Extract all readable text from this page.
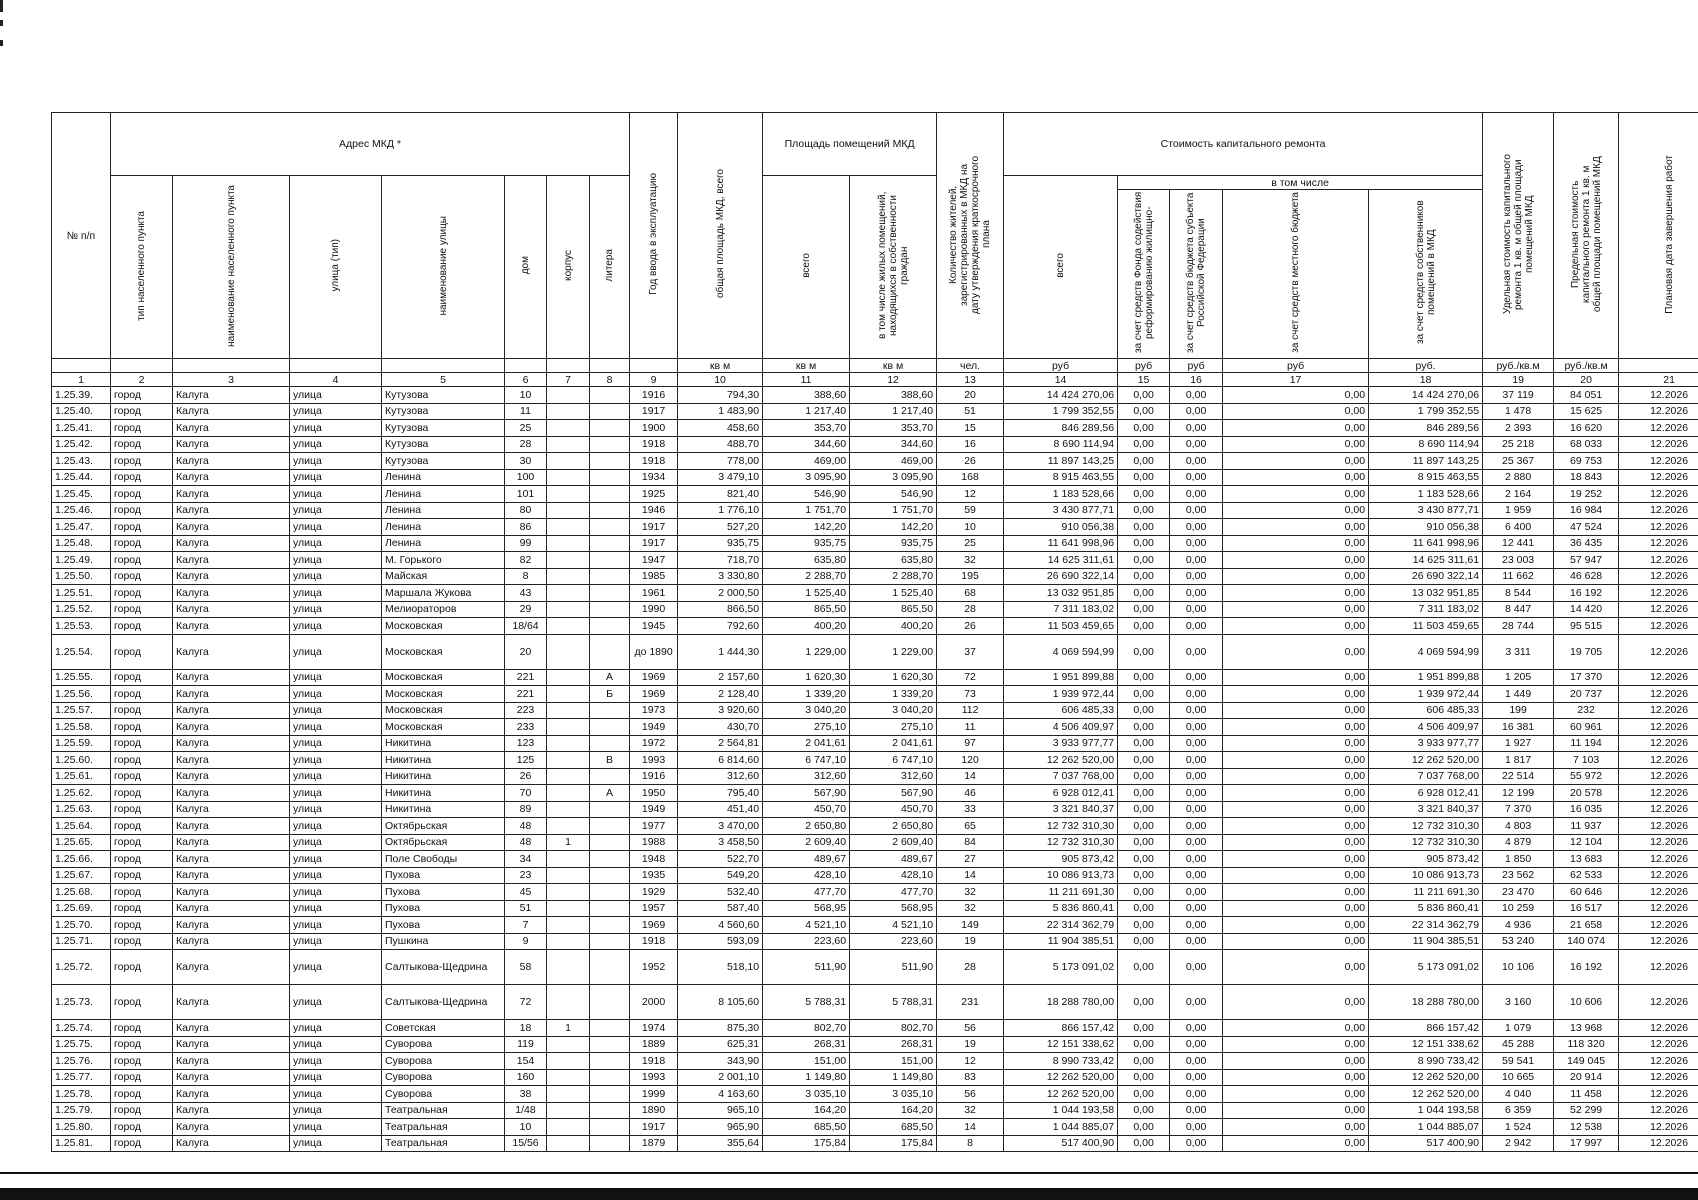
№ п/п	Адрес МКД *							Год ввода в эксплуатацию	общая площадь МКД, всего	Площадь помещений МКД		Количество жителей, зарегистрированных в МКД на дату утверждения краткосрочного плана	Стоимость капитального ремонта					Удельная стоимость капитального ремонта 1 кв. м общей площади помещений МКД	Предельная стоимость капитального ремонта 1 кв. м общей площади помещений МКД	Плановая дата завершения работ
	тип населенного пункта	наименование населенного пункта	улица (тип)	наименование улицы	дом	корпус	литера			всего	в том числе жилых помещений, находящихся в собственности граждан		всего	в том числе						
														за счет средств Фонда содействия реформированию жилищно-	за счет средств бюджета субъекта Российской Федерации	за счет средств местного бюджета	за счет средств собственников помещений в МКД			
									кв м	кв м	кв м	чел.	руб	руб	руб	руб	руб.	руб./кв.м	руб./кв.м	
1	2	3	4	5	6	7	8	9	10	11	12	13	14	15	16	17	18	19	20	21
1.25.39.	город	Калуга	улица	Кутузова	10			1916	794,30	388,60	388,60	20	14 424 270,06	0,00	0,00	0,00	14 424 270,06	37 119	84 051	12.2026
1.25.40.	город	Калуга	улица	Кутузова	11			1917	1 483,90	1 217,40	1 217,40	51	1 799 352,55	0,00	0,00	0,00	1 799 352,55	1 478	15 625	12.2026
1.25.41.	город	Калуга	улица	Кутузова	25			1900	458,60	353,70	353,70	15	846 289,56	0,00	0,00	0,00	846 289,56	2 393	16 620	12.2026
1.25.42.	город	Калуга	улица	Кутузова	28			1918	488,70	344,60	344,60	16	8 690 114,94	0,00	0,00	0,00	8 690 114,94	25 218	68 033	12.2026
1.25.43.	город	Калуга	улица	Кутузова	30			1918	778,00	469,00	469,00	26	11 897 143,25	0,00	0,00	0,00	11 897 143,25	25 367	69 753	12.2026
1.25.44.	город	Калуга	улица	Ленина	100			1934	3 479,10	3 095,90	3 095,90	168	8 915 463,55	0,00	0,00	0,00	8 915 463,55	2 880	18 843	12.2026
1.25.45.	город	Калуга	улица	Ленина	101			1925	821,40	546,90	546,90	12	1 183 528,66	0,00	0,00	0,00	1 183 528,66	2 164	19 252	12.2026
1.25.46.	город	Калуга	улица	Ленина	80			1946	1 776,10	1 751,70	1 751,70	59	3 430 877,71	0,00	0,00	0,00	3 430 877,71	1 959	16 984	12.2026
1.25.47.	город	Калуга	улица	Ленина	86			1917	527,20	142,20	142,20	10	910 056,38	0,00	0,00	0,00	910 056,38	6 400	47 524	12.2026
1.25.48.	город	Калуга	улица	Ленина	99			1917	935,75	935,75	935,75	25	11 641 998,96	0,00	0,00	0,00	11 641 998,96	12 441	36 435	12.2026
1.25.49.	город	Калуга	улица	М. Горького	82			1947	718,70	635,80	635,80	32	14 625 311,61	0,00	0,00	0,00	14 625 311,61	23 003	57 947	12.2026
1.25.50.	город	Калуга	улица	Майская	8			1985	3 330,80	2 288,70	2 288,70	195	26 690 322,14	0,00	0,00	0,00	26 690 322,14	11 662	46 628	12.2026
1.25.51.	город	Калуга	улица	Маршала Жукова	43			1961	2 000,50	1 525,40	1 525,40	68	13 032 951,85	0,00	0,00	0,00	13 032 951,85	8 544	16 192	12.2026
1.25.52.	город	Калуга	улица	Мелиораторов	29			1990	866,50	865,50	865,50	28	7 311 183,02	0,00	0,00	0,00	7 311 183,02	8 447	14 420	12.2026
1.25.53.	город	Калуга	улица	Московская	18/64			1945	792,60	400,20	400,20	26	11 503 459,65	0,00	0,00	0,00	11 503 459,65	28 744	95 515	12.2026
1.25.54.	город	Калуга	улица	Московская	20			до 1890	1 444,30	1 229,00	1 229,00	37	4 069 594,99	0,00	0,00	0,00	4 069 594,99	3 311	19 705	12.2026
1.25.55.	город	Калуга	улица	Московская	221		А	1969	2 157,60	1 620,30	1 620,30	72	1 951 899,88	0,00	0,00	0,00	1 951 899,88	1 205	17 370	12.2026
1.25.56.	город	Калуга	улица	Московская	221		Б	1969	2 128,40	1 339,20	1 339,20	73	1 939 972,44	0,00	0,00	0,00	1 939 972,44	1 449	20 737	12.2026
1.25.57.	город	Калуга	улица	Московская	223			1973	3 920,60	3 040,20	3 040,20	112	606 485,33	0,00	0,00	0,00	606 485,33	199	232	12.2026
1.25.58.	город	Калуга	улица	Московская	233			1949	430,70	275,10	275,10	11	4 506 409,97	0,00	0,00	0,00	4 506 409,97	16 381	60 961	12.2026
1.25.59.	город	Калуга	улица	Никитина	123			1972	2 564,81	2 041,61	2 041,61	97	3 933 977,77	0,00	0,00	0,00	3 933 977,77	1 927	11 194	12.2026
1.25.60.	город	Калуга	улица	Никитина	125		В	1993	6 814,60	6 747,10	6 747,10	120	12 262 520,00	0,00	0,00	0,00	12 262 520,00	1 817	7 103	12.2026
1.25.61.	город	Калуга	улица	Никитина	26			1916	312,60	312,60	312,60	14	7 037 768,00	0,00	0,00	0,00	7 037 768,00	22 514	55 972	12.2026
1.25.62.	город	Калуга	улица	Никитина	70		А	1950	795,40	567,90	567,90	46	6 928 012,41	0,00	0,00	0,00	6 928 012,41	12 199	20 578	12.2026
1.25.63.	город	Калуга	улица	Никитина	89			1949	451,40	450,70	450,70	33	3 321 840,37	0,00	0,00	0,00	3 321 840,37	7 370	16 035	12.2026
1.25.64.	город	Калуга	улица	Октябрьская	48			1977	3 470,00	2 650,80	2 650,80	65	12 732 310,30	0,00	0,00	0,00	12 732 310,30	4 803	11 937	12.2026
1.25.65.	город	Калуга	улица	Октябрьская	48	1		1988	3 458,50	2 609,40	2 609,40	84	12 732 310,30	0,00	0,00	0,00	12 732 310,30	4 879	12 104	12.2026
1.25.66.	город	Калуга	улица	Поле Свободы	34			1948	522,70	489,67	489,67	27	905 873,42	0,00	0,00	0,00	905 873,42	1 850	13 683	12.2026
1.25.67.	город	Калуга	улица	Пухова	23			1935	549,20	428,10	428,10	14	10 086 913,73	0,00	0,00	0,00	10 086 913,73	23 562	62 533	12.2026
1.25.68.	город	Калуга	улица	Пухова	45			1929	532,40	477,70	477,70	32	11 211 691,30	0,00	0,00	0,00	11 211 691,30	23 470	60 646	12.2026
1.25.69.	город	Калуга	улица	Пухова	51			1957	587,40	568,95	568,95	32	5 836 860,41	0,00	0,00	0,00	5 836 860,41	10 259	16 517	12.2026
1.25.70.	город	Калуга	улица	Пухова	7			1969	4 560,60	4 521,10	4 521,10	149	22 314 362,79	0,00	0,00	0,00	22 314 362,79	4 936	21 658	12.2026
1.25.71.	город	Калуга	улица	Пушкина	9			1918	593,09	223,60	223,60	19	11 904 385,51	0,00	0,00	0,00	11 904 385,51	53 240	140 074	12.2026
1.25.72.	город	Калуга	улица	Салтыкова-Щедрина	58			1952	518,10	511,90	511,90	28	5 173 091,02	0,00	0,00	0,00	5 173 091,02	10 106	16 192	12.2026
1.25.73.	город	Калуга	улица	Салтыкова-Щедрина	72			2000	8 105,60	5 788,31	5 788,31	231	18 288 780,00	0,00	0,00	0,00	18 288 780,00	3 160	10 606	12.2026
1.25.74.	город	Калуга	улица	Советская	18	1		1974	875,30	802,70	802,70	56	866 157,42	0,00	0,00	0,00	866 157,42	1 079	13 968	12.2026
1.25.75.	город	Калуга	улица	Суворова	119			1889	625,31	268,31	268,31	19	12 151 338,62	0,00	0,00	0,00	12 151 338,62	45 288	118 320	12.2026
1.25.76.	город	Калуга	улица	Суворова	154			1918	343,90	151,00	151,00	12	8 990 733,42	0,00	0,00	0,00	8 990 733,42	59 541	149 045	12.2026
1.25.77.	город	Калуга	улица	Суворова	160			1993	2 001,10	1 149,80	1 149,80	83	12 262 520,00	0,00	0,00	0,00	12 262 520,00	10 665	20 914	12.2026
1.25.78.	город	Калуга	улица	Суворова	38			1999	4 163,60	3 035,10	3 035,10	56	12 262 520,00	0,00	0,00	0,00	12 262 520,00	4 040	11 458	12.2026
1.25.79.	город	Калуга	улица	Театральная	1/48			1890	965,10	164,20	164,20	32	1 044 193,58	0,00	0,00	0,00	1 044 193,58	6 359	52 299	12.2026
1.25.80.	город	Калуга	улица	Театральная	10			1917	965,90	685,50	685,50	14	1 044 885,07	0,00	0,00	0,00	1 044 885,07	1 524	12 538	12.2026
1.25.81.	город	Калуга	улица	Театральная	15/56			1879	355,64	175,84	175,84	8	517 400,90	0,00	0,00	0,00	517 400,90	2 942	17 997	12.2026
